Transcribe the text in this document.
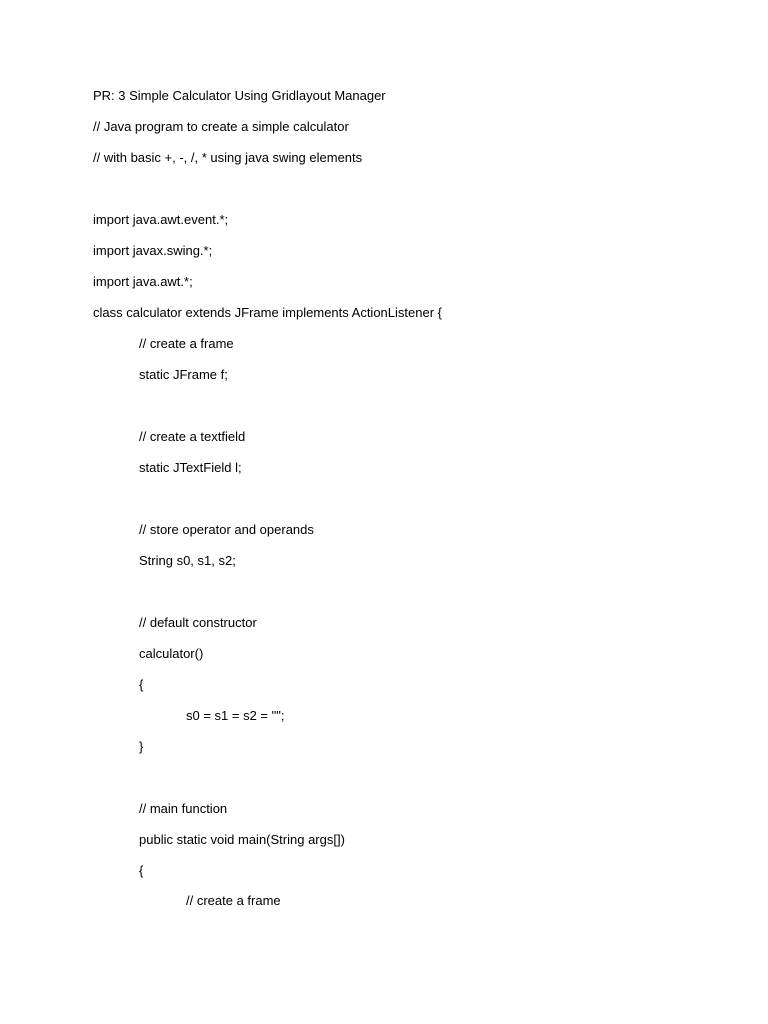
PR: 3 Simple Calculator Using Gridlayout Manager
// Java program to create a simple calculator
// with basic +, -, /, * using java swing elements
import java.awt.event.*;
import javax.swing.*;
import java.awt.*;
class calculator extends JFrame implements ActionListener {
// create a frame
static JFrame f;
// create a textfield
static JTextField l;
// store operator and operands
String s0, s1, s2;
// default constructor
calculator()
{
s0 = s1 = s2 = "";
}
// main function
public static void main(String args[])
{
// create a frame
